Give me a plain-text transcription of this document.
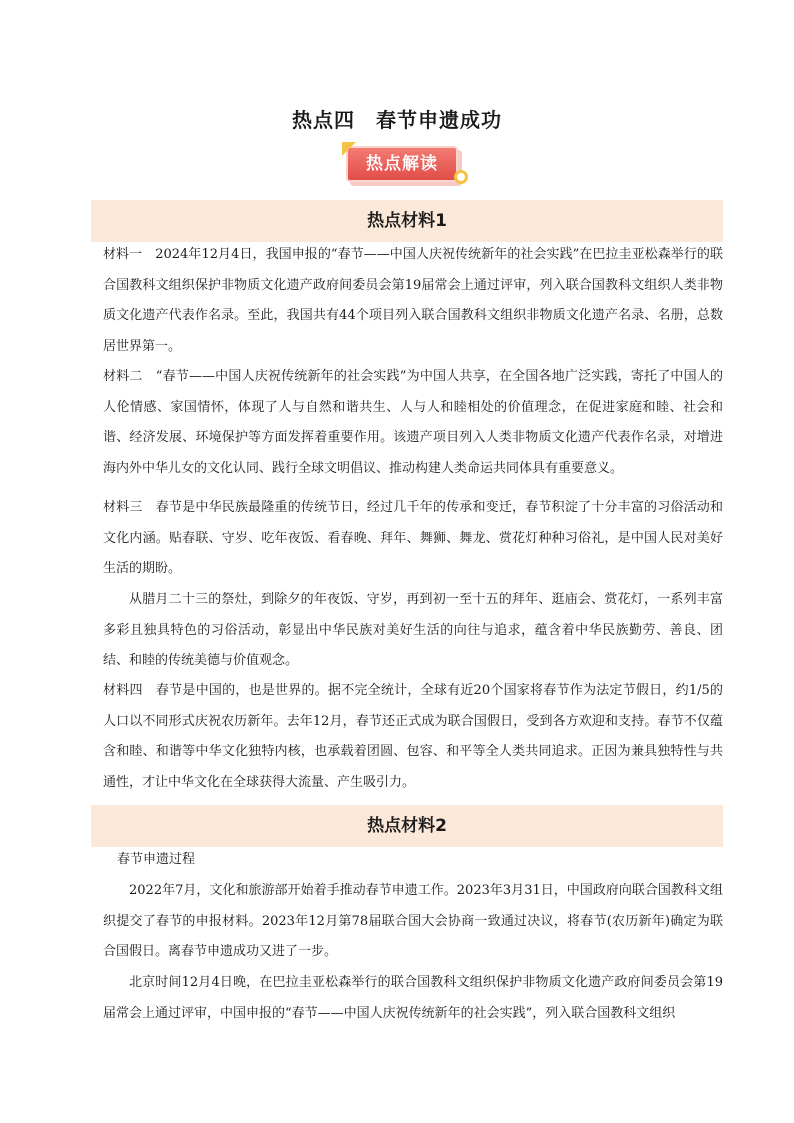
热点四　春节申遗成功
热点解读
热点材料1

材料一　2024年12月4日，我国申报的“春节——中国人庆祝传统新年的社会实践”在巴拉圭亚松森举行的联合国教科文组织保护非物质文化遗产政府间委员会第19届常会上通过评审，列入联合国教科文组织人类非物质文化遗产代表作名录。至此，我国共有44个项目列入联合国教科文组织非物质文化遗产名录、名册，总数居世界第一。

材料二　“春节——中国人庆祝传统新年的社会实践”为中国人共享，在全国各地广泛实践，寄托了中国人的人伦情感、家国情怀，体现了人与自然和谐共生、人与人和睦相处的价值理念，在促进家庭和睦、社会和谐、经济发展、环境保护等方面发挥着重要作用。该遗产项目列入人类非物质文化遗产代表作名录，对增进海内外中华儿女的文化认同、践行全球文明倡议、推动构建人类命运共同体具有重要意义。

材料三　春节是中华民族最隆重的传统节日，经过几千年的传承和变迁，春节积淀了十分丰富的习俗活动和文化内涵。贴春联、守岁、吃年夜饭、看春晚、拜年、舞狮、舞龙、赏花灯种种习俗礼，是中国人民对美好生活的期盼。

从腊月二十三的祭灶，到除夕的年夜饭、守岁，再到初一至十五的拜年、逛庙会、赏花灯，一系列丰富多彩且独具特色的习俗活动，彰显出中华民族对美好生活的向往与追求，蕴含着中华民族勤劳、善良、团结、和睦的传统美德与价值观念。

材料四　春节是中国的，也是世界的。据不完全统计，全球有近20个国家将春节作为法定节假日，约1/5的人口以不同形式庆祝农历新年。去年12月，春节还正式成为联合国假日，受到各方欢迎和支持。春节不仅蕴含和睦、和谐等中华文化独特内核，也承载着团圆、包容、和平等全人类共同追求。正因为兼具独特性与共通性，才让中华文化在全球获得大流量、产生吸引力。

热点材料2

春节申遗过程

2022年7月，文化和旅游部开始着手推动春节申遗工作。2023年3月31日，中国政府向联合国教科文组织提交了春节的申报材料。2023年12月第78届联合国大会协商一致通过决议，将春节(农历新年)确定为联合国假日。离春节申遗成功又进了一步。

北京时间12月4日晚，在巴拉圭亚松森举行的联合国教科文组织保护非物质文化遗产政府间委员会第19届常会上通过评审，中国申报的“春节——中国人庆祝传统新年的社会实践”，列入联合国教科文组织
